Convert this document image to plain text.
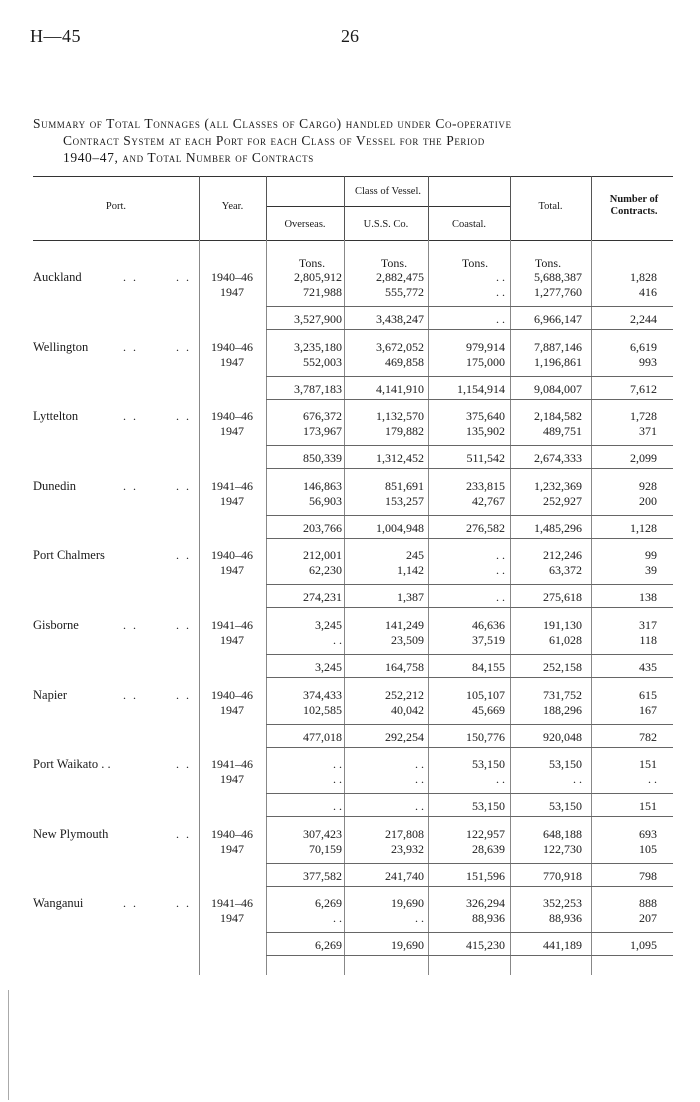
H—45	26
Summary of Total Tonnages (all Classes of Cargo) handled under Co-operative
Contract System at each Port for each Class of Vessel for the Period
1940–47, and Total Number of Contracts
Port.	Year.
Class of Vessel.
Overseas.	U.S.S. Co.	Coastal.
Total.
Number of Contracts.
Tons.	Tons.	Tons.	Tons.
Auckland	. .	. .	1940–46	2,805,912	2,882,475	. .	5,688,387	1,828
1947	721,988	555,772	. .	1,277,760	416
3,527,900	3,438,247	. .	6,966,147	2,244
Wellington	. .	. .	1940–46	3,235,180	3,672,052	979,914	7,887,146	6,619
1947	552,003	469,858	175,000	1,196,861	993
3,787,183	4,141,910	1,154,914	9,084,007	7,612
Lyttelton	. .	. .	1940–46	676,372	1,132,570	375,640	2,184,582	1,728
1947	173,967	179,882	135,902	489,751	371
850,339	1,312,452	511,542	2,674,333	2,099
Dunedin	. .	. .	1941–46	146,863	851,691	233,815	1,232,369	928
1947	56,903	153,257	42,767	252,927	200
203,766	1,004,948	276,582	1,485,296	1,128
Port Chalmers	. .	1940–46	212,001	245	. .	212,246	99
1947	62,230	1,142	. .	63,372	39
274,231	1,387	. .	275,618	138
Gisborne	. .	. .	1941–46	3,245	141,249	46,636	191,130	317
1947	. .	23,509	37,519	61,028	118
3,245	164,758	84,155	252,158	435
Napier	. .	. .	1940–46	374,433	252,212	105,107	731,752	615
1947	102,585	40,042	45,669	188,296	167
477,018	292,254	150,776	920,048	782
Port Waikato . .	. .	1941–46	. .	. .	53,150	53,150	151
1947	. .	. .	. .	. .	. .
. .	. .	53,150	53,150	151
New Plymouth	. .	1940–46	307,423	217,808	122,957	648,188	693
1947	70,159	23,932	28,639	122,730	105
377,582	241,740	151,596	770,918	798
Wanganui	. .	. .	1941–46	6,269	19,690	326,294	352,253	888
1947	. .	. .	88,936	88,936	207
6,269	19,690	415,230	441,189	1,095
